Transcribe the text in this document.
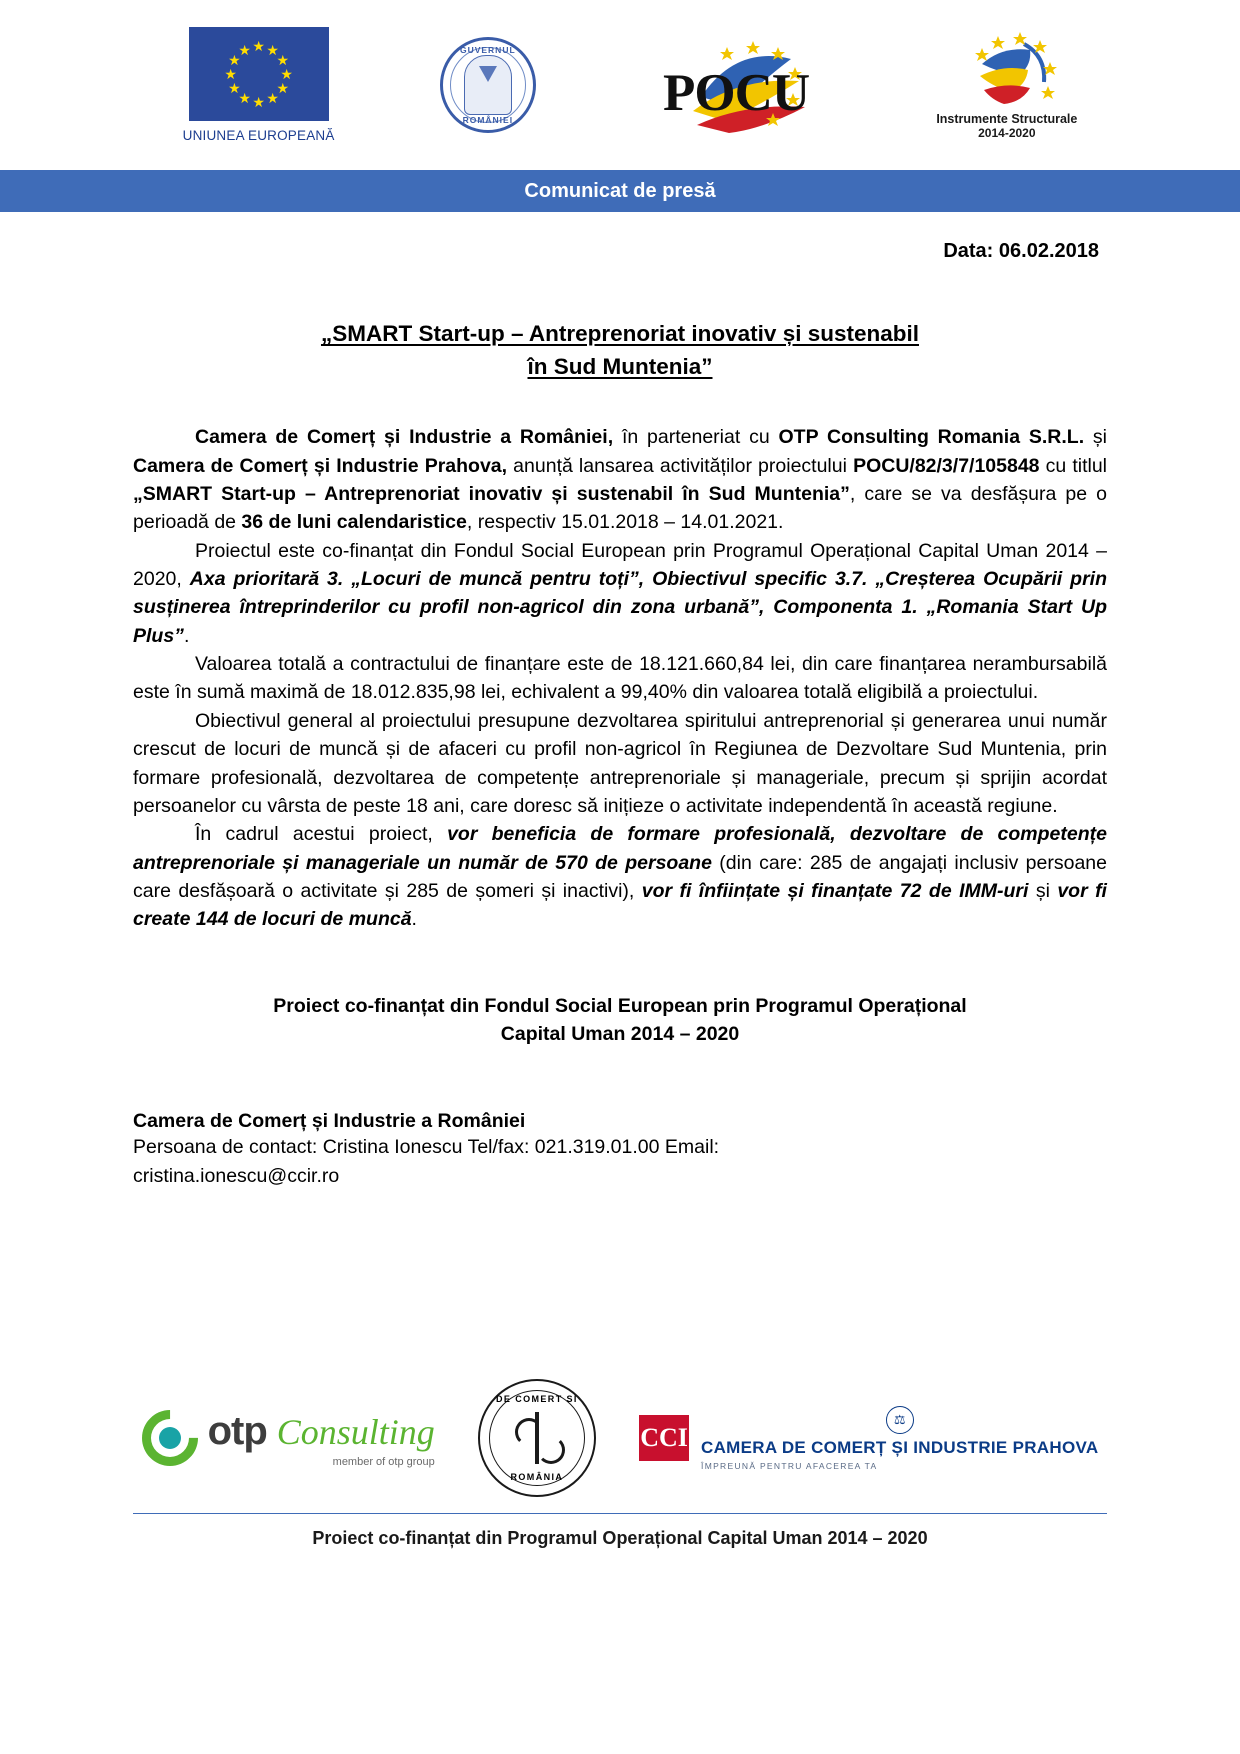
★ ★
★
★
★
★
★
★
★
★
★
★
UNIUNEA EUROPEANĂ
GUVERNUL
ROMÂNIEI	POCU	Instrumente Structurale
2014-2020
Comunicat de presă
Data: 06.02.2018
„SMART Start-up – Antreprenoriat inovativ și sustenabil
în Sud Muntenia”

Camera de Comerț și Industrie a României, în parteneriat cu OTP Consulting Romania S.R.L. și Camera de Comerț și Industrie Prahova, anunță lansarea activităților proiectului POCU/82/3/7/105848 cu titlul „SMART Start-up – Antreprenoriat inovativ și sustenabil în Sud Muntenia”, care se va desfășura pe o perioadă de 36 de luni calendaristice, respectiv 15.01.2018 – 14.01.2021.

Proiectul este co-finanțat din Fondul Social European prin Programul Operațional Capital Uman 2014 – 2020, Axa prioritară 3. „Locuri de muncă pentru toți”, Obiectivul specific 3.7. „Creșterea Ocupării prin susținerea întreprinderilor cu profil non-agricol din zona urbană”, Componenta 1. „Romania Start Up Plus”.

Valoarea totală a contractului de finanțare este de 18.121.660,84 lei, din care finanțarea nerambursabilă este în sumă maximă de 18.012.835,98 lei, echivalent a 99,40% din valoarea totală eligibilă a proiectului.

Obiectivul general al proiectului presupune dezvoltarea spiritului antreprenorial și generarea unui număr crescut de locuri de muncă și de afaceri cu profil non-agricol în Regiunea de Dezvoltare Sud Muntenia, prin formare profesională, dezvoltarea de competențe antreprenoriale și manageriale, precum și sprijin acordat persoanelor cu vârsta de peste 18 ani, care doresc să inițieze o activitate independentă în această regiune.

În cadrul acestui proiect, vor beneficia de formare profesională, dezvoltare de competențe antreprenoriale și manageriale un număr de 570 de persoane (din care: 285 de angajați inclusiv persoane care desfășoară o activitate și 285 de șomeri și inactivi), vor fi înființate și finanțate 72 de IMM-uri și vor fi create 144 de locuri de muncă.

Proiect co-finanțat din Fondul Social European prin Programul Operațional
Capital Uman 2014 – 2020
Camera de Comerț și Industrie a României

Persoana de contact: Cristina Ionescu Tel/fax: 021.319.01.00 Email:

cristina.ionescu@ccir.ro

otp Consulting
member of otp group
DE COMERT SI
ROMÂNIA
CCI
⚖
CAMERA DE COMERȚ ȘI INDUSTRIE PRAHOVA
ÎMPREUNĂ PENTRU AFACEREA TA
Proiect co-finanțat din Programul Operațional Capital Uman 2014 – 2020
